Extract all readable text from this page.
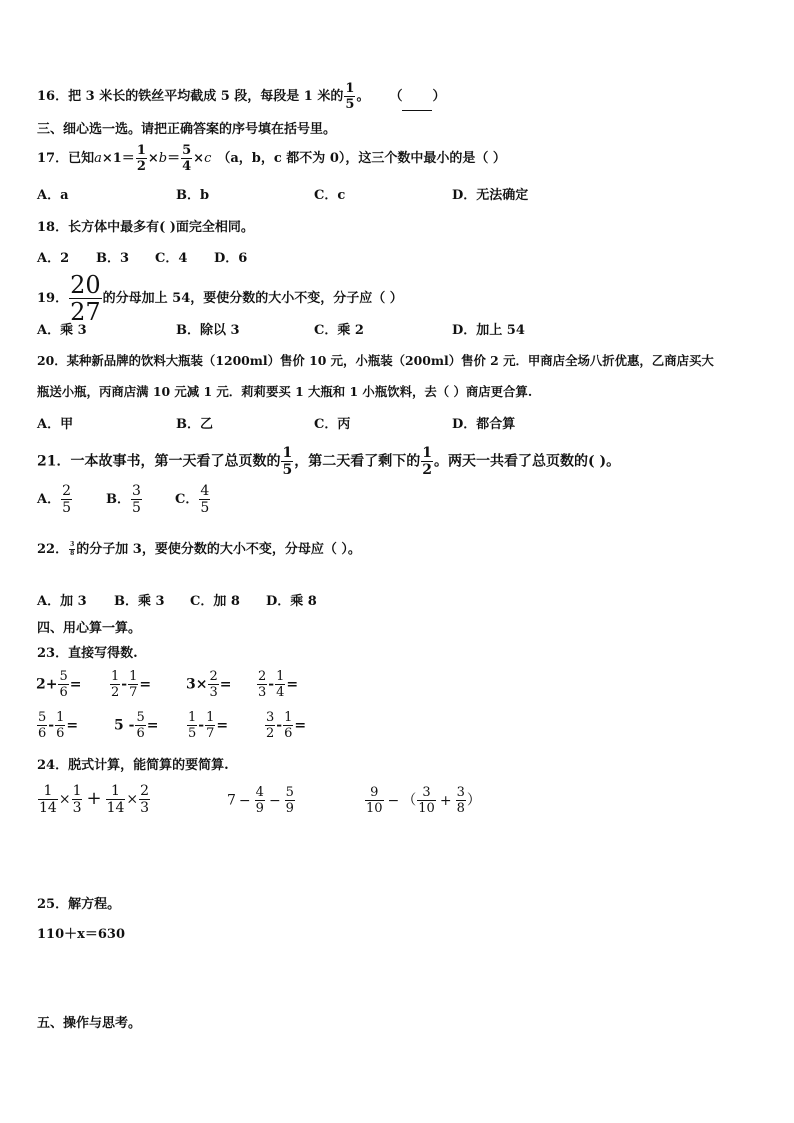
16．把 3 米长的铁丝平均截成 5 段，每段是 1 米的 $\frac{1}{5}$ 。 （ ）
三、细心选一选。请把正确答案的序号填在括号里。
17．已知$a\times 1= \frac{1}{2} \times b= \frac{5}{4} \times c$ （a，b，c 都不为 0），这三个数中最小的是（ ）
A．a	B．b	C．c	D．无法确定
18．长方体中最多有( )面完全相同。
A．2 B．3 C．4 D．6
19． $\frac{20}{27}$ 的分母加上 54，要使分数的大小不变，分子应（ ）
A．乘 3	B．除以 3	C．乘 2	D．加上 54
20．某种新品牌的饮料大瓶装（1200ml）售价 10 元，小瓶装（200ml）售价 2 元．甲商店全场八折优惠，乙商店买大
瓶送小瓶，丙商店满 10 元减 1 元．莉莉要买 1 大瓶和 1 小瓶饮料，去（ ）商店更合算.
A．甲	B．乙	C．丙	D．都合算
21．一本故事书，第一天看了总页数的 $\frac{1}{5}$ ，第二天看了剩下的 $\frac{1}{2}$ 。两天一共看了总页数的( )。
A． $\frac{2}{5}$	B． $\frac{3}{5}$	C． $\frac{4}{5}$
22． $\frac{3}{8}$ 的分子加 3，要使分数的大小不变，分母应（ ）。
A．加 3 B．乘 3 C．加 8 D．乘 8
四、用心算一算。
23．直接写得数.
$2+ \frac{5}{6} = \frac{1}{2} - \frac{1}{7} = 3\times \frac{2}{3} = \frac{2}{3} - \frac{1}{4}$ =
$\frac{5}{6} - \frac{1}{6}$ =	$5 - \frac{5}{6} = \frac{1}{5} - \frac{1}{7}$ =	$\frac{3}{2} - \frac{1}{6}$ =
24．脱式计算，能简算的要简算.
$\frac{1}{14} \times \frac{1}{3} + \frac{1}{14} \times \frac{2}{3}$	$7 - \frac{4}{9} - \frac{5}{9}$	$\frac{9}{10}$ − （ $\frac{3}{10} + \frac{3}{8}$ ）
25．解方程。
110＋x＝630
五、操作与思考。
